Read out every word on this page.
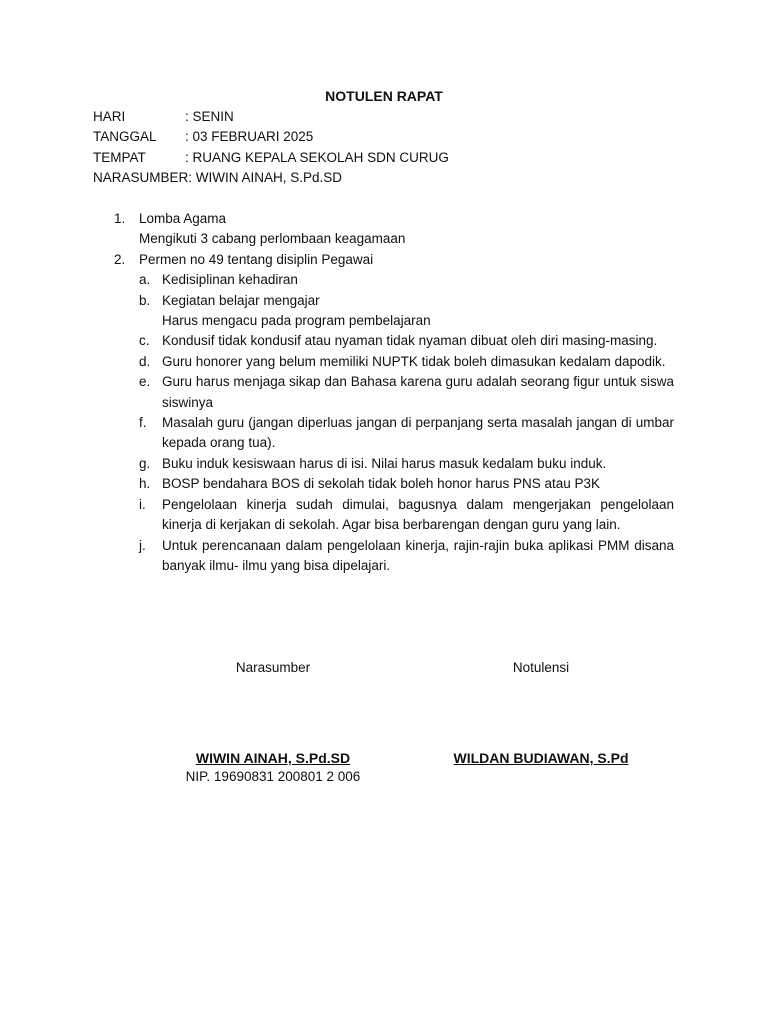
NOTULEN RAPAT
HARI	: SENIN
TANGGAL	: 03 FEBRUARI 2025
TEMPAT	: RUANG KEPALA SEKOLAH SDN CURUG
NARASUMBER : WIWIN AINAH, S.Pd.SD
1.	Lomba Agama
Mengikuti 3 cabang perlombaan keagamaan
2.	Permen no 49 tentang disiplin Pegawai
a. Kedisiplinan kehadiran
b. Kegiatan belajar mengajar
Harus mengacu pada program pembelajaran
c. Kondusif tidak kondusif atau nyaman tidak nyaman dibuat oleh diri masing-masing.
d. Guru honorer yang belum memiliki NUPTK tidak boleh dimasukan kedalam dapodik.
e. Guru harus menjaga sikap dan Bahasa karena guru adalah seorang figur untuk siswa siswinya
f.	Masalah guru (jangan diperluas jangan di perpanjang serta masalah jangan di umbar kepada orang tua).
g. Buku induk kesiswaan harus di isi. Nilai harus masuk kedalam buku induk.
h. BOSP bendahara BOS di sekolah tidak boleh honor harus PNS atau P3K
i.	Pengelolaan kinerja sudah dimulai, bagusnya dalam mengerjakan pengelolaan kinerja di kerjakan di sekolah. Agar bisa berbarengan dengan guru yang lain.
j.	Untuk perencanaan dalam pengelolaan kinerja, rajin-rajin buka aplikasi PMM disana banyak ilmu- ilmu yang bisa dipelajari.
Narasumber	Notulensi
WIWIN AINAH, S.Pd.SD	WILDAN BUDIAWAN, S.Pd
NIP. 19690831 200801 2 006
